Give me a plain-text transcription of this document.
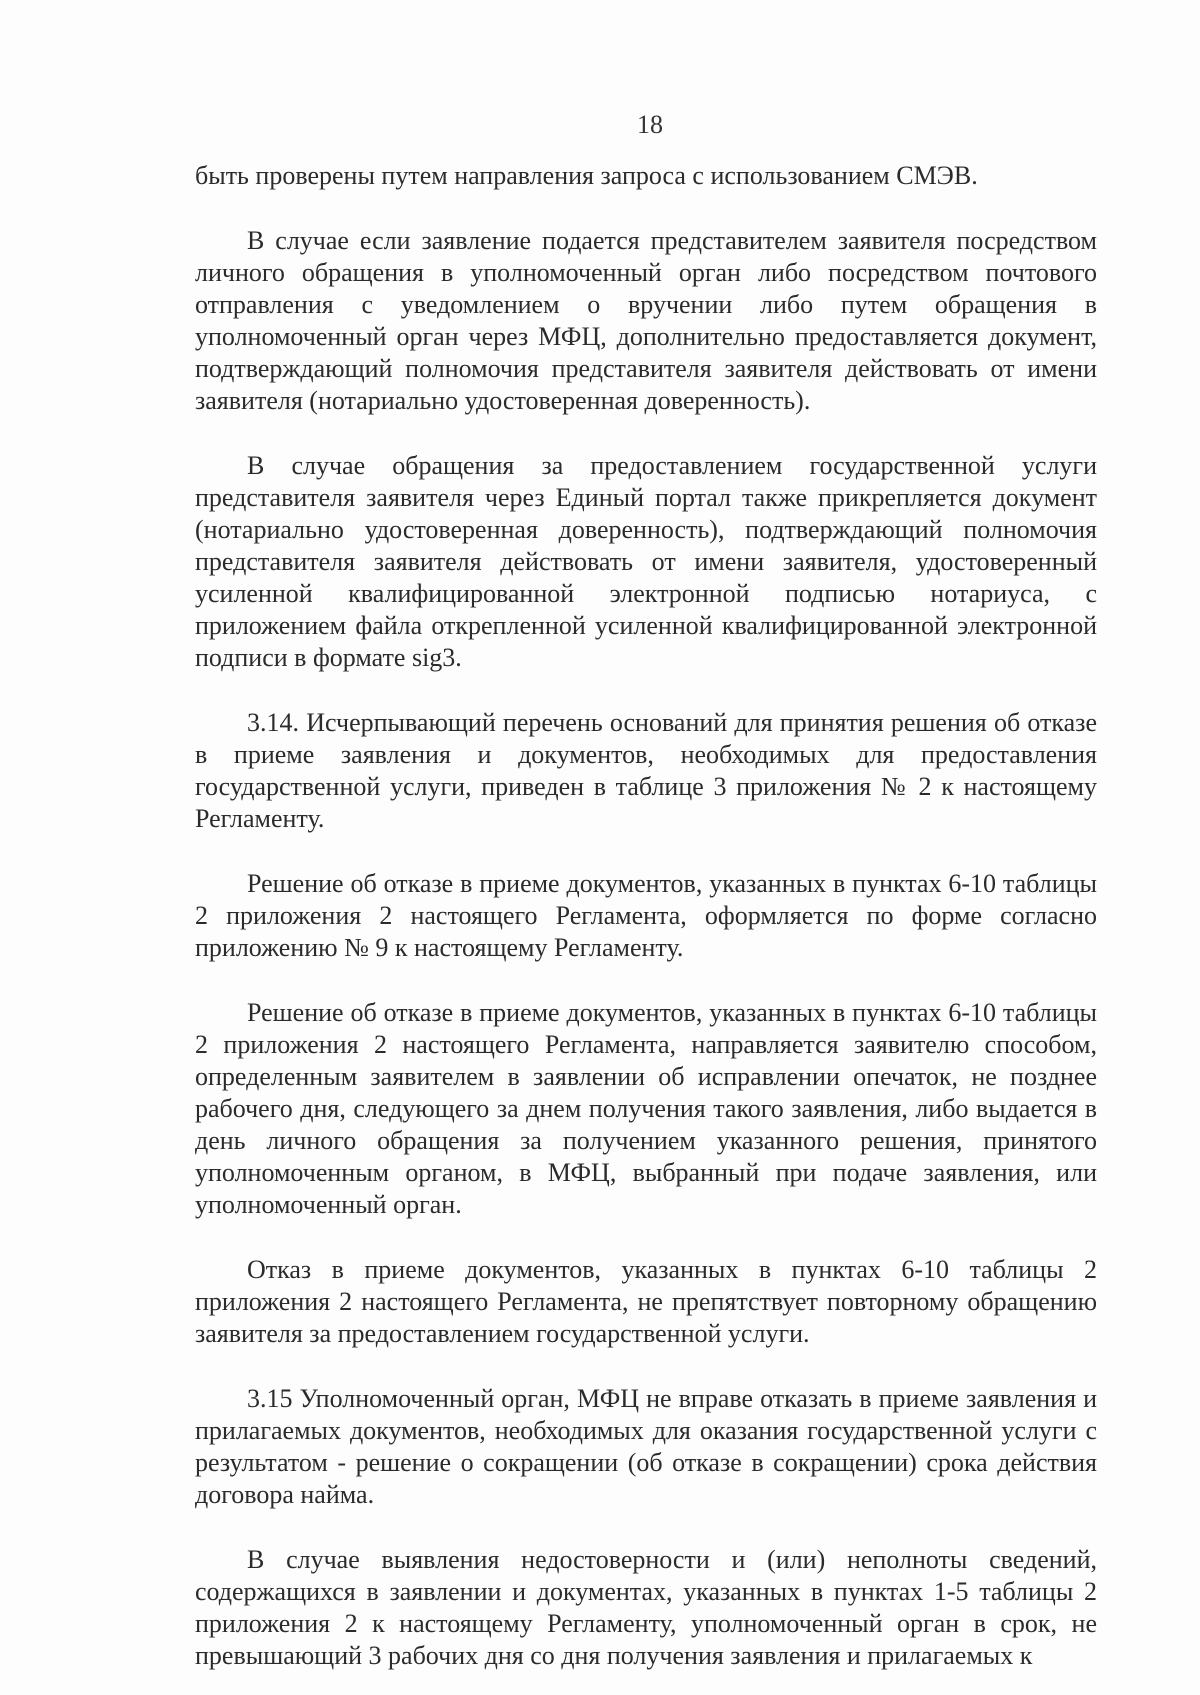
18

быть проверены путем направления запроса с использованием СМЭВ.

В случае если заявление подается представителем заявителя посредством личного обращения в уполномоченный орган либо посредством почтового отправления с уведомлением о вручении либо путем обращения в уполномоченный орган через МФЦ, дополнительно предоставляется документ, подтверждающий полномочия представителя заявителя действовать от имени заявителя (нотариально удостоверенная доверенность).

В случае обращения за предоставлением государственной услуги представителя заявителя через Единый портал также прикрепляется документ (нотариально удостоверенная доверенность), подтверждающий полномочия представителя заявителя действовать от имени заявителя, удостоверенный усиленной квалифицированной электронной подписью нотариуса, с приложением файла открепленной усиленной квалифицированной электронной подписи в формате sig3.

3.14. Исчерпывающий перечень оснований для принятия решения об отказе в приеме заявления и документов, необходимых для предоставления государственной услуги, приведен в таблице 3 приложения № 2 к настоящему Регламенту.

Решение об отказе в приеме документов, указанных в пунктах 6-10 таблицы 2 приложения 2 настоящего Регламента, оформляется по форме согласно приложению № 9 к настоящему Регламенту.

Решение об отказе в приеме документов, указанных в пунктах 6-10 таблицы 2 приложения 2 настоящего Регламента, направляется заявителю способом, определенным заявителем в заявлении об исправлении опечаток, не позднее рабочего дня, следующего за днем получения такого заявления, либо выдается в день личного обращения за получением указанного решения, принятого уполномоченным органом, в МФЦ, выбранный при подаче заявления, или уполномоченный орган.

Отказ в приеме документов, указанных в пунктах 6-10 таблицы 2 приложения 2 настоящего Регламента, не препятствует повторному обращению заявителя за предоставлением государственной услуги.

3.15 Уполномоченный орган, МФЦ не вправе отказать в приеме заявления и прилагаемых документов, необходимых для оказания государственной услуги с результатом - решение о сокращении (об отказе в сокращении) срока действия договора найма.

В случае выявления недостоверности и (или) неполноты сведений, содержащихся в заявлении и документах, указанных в пунктах 1-5 таблицы 2 приложения 2 к настоящему Регламенту, уполномоченный орган в срок, не превышающий 3 рабочих дня со дня получения заявления и прилагаемых к
